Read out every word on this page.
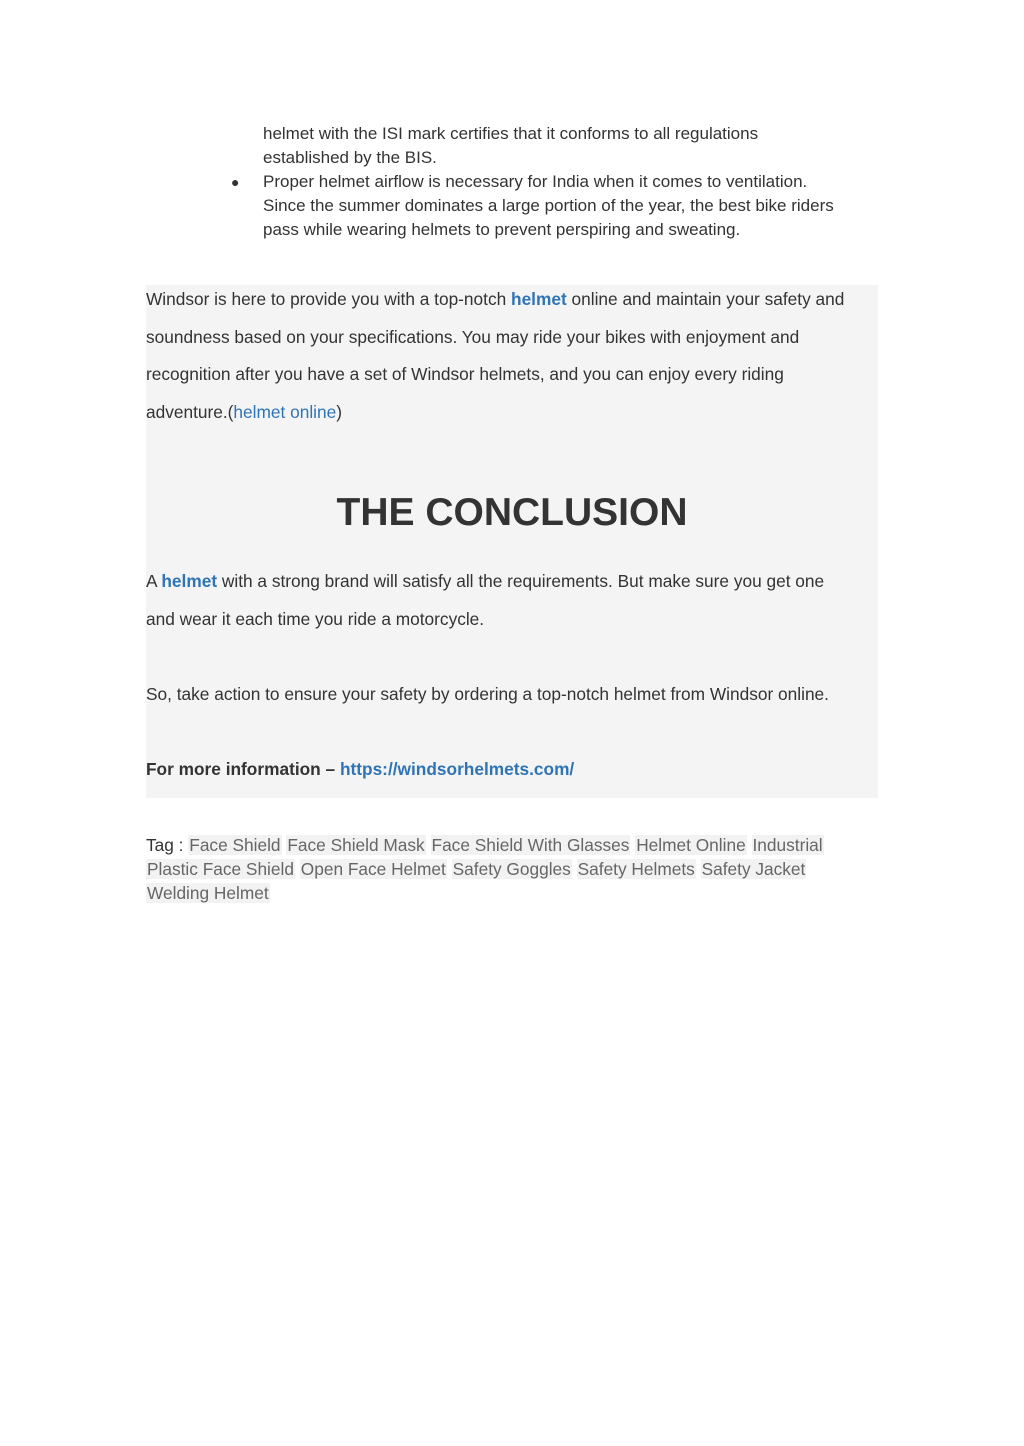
helmet with the ISI mark certifies that it conforms to all regulations
established by the BIS.
● Proper helmet airflow is necessary for India when it comes to ventilation.
Since the summer dominates a large portion of the year, the best bike riders
pass while wearing helmets to prevent perspiring and sweating.

Windsor is here to provide you with a top-notch helmet online and maintain your safety and
soundness based on your specifications. You may ride your bikes with enjoyment and
recognition after you have a set of Windsor helmets, and you can enjoy every riding
adventure.(helmet online)

THE CONCLUSION

A helmet with a strong brand will satisfy all the requirements. But make sure you get one
and wear it each time you ride a motorcycle.

So, take action to ensure your safety by ordering a top-notch helmet from Windsor online.

For more information – https://windsorhelmets.com/

Tag : Face Shield Face Shield Mask Face Shield With Glasses Helmet Online Industrial
Plastic Face Shield Open Face Helmet Safety Goggles Safety Helmets Safety Jacket
Welding Helmet
